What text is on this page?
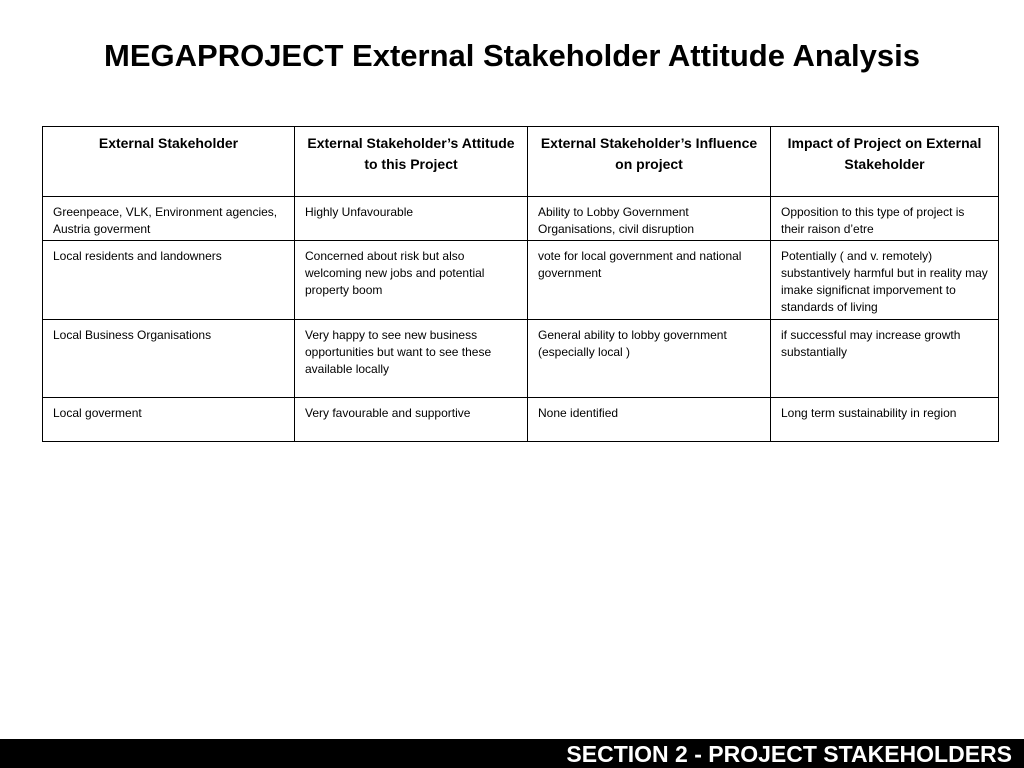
MEGAPROJECT External Stakeholder Attitude Analysis
External Stakeholder	External Stakeholder’s Attitude to this Project	External Stakeholder’s Influence on project	Impact of Project on External Stakeholder
Greenpeace, VLK, Environment agencies, Austria goverment	Highly Unfavourable	Ability to Lobby Government Organisations, civil disruption	Opposition to this type of project is their raison d’etre
Local residents and landowners	Concerned about risk but also welcoming new jobs and potential property boom	vote for local government and national government	Potentially ( and v. remotely) substantively harmful but in reality may imake significnat imporvement to standards of living
Local Business Organisations	Very happy to see new business opportunities but want to see these available locally	General ability to lobby government (especially local )	if successful may increase growth substantially
Local goverment	Very favourable and supportive	None identified	Long term sustainability in region
SECTION 2 - PROJECT STAKEHOLDERS
